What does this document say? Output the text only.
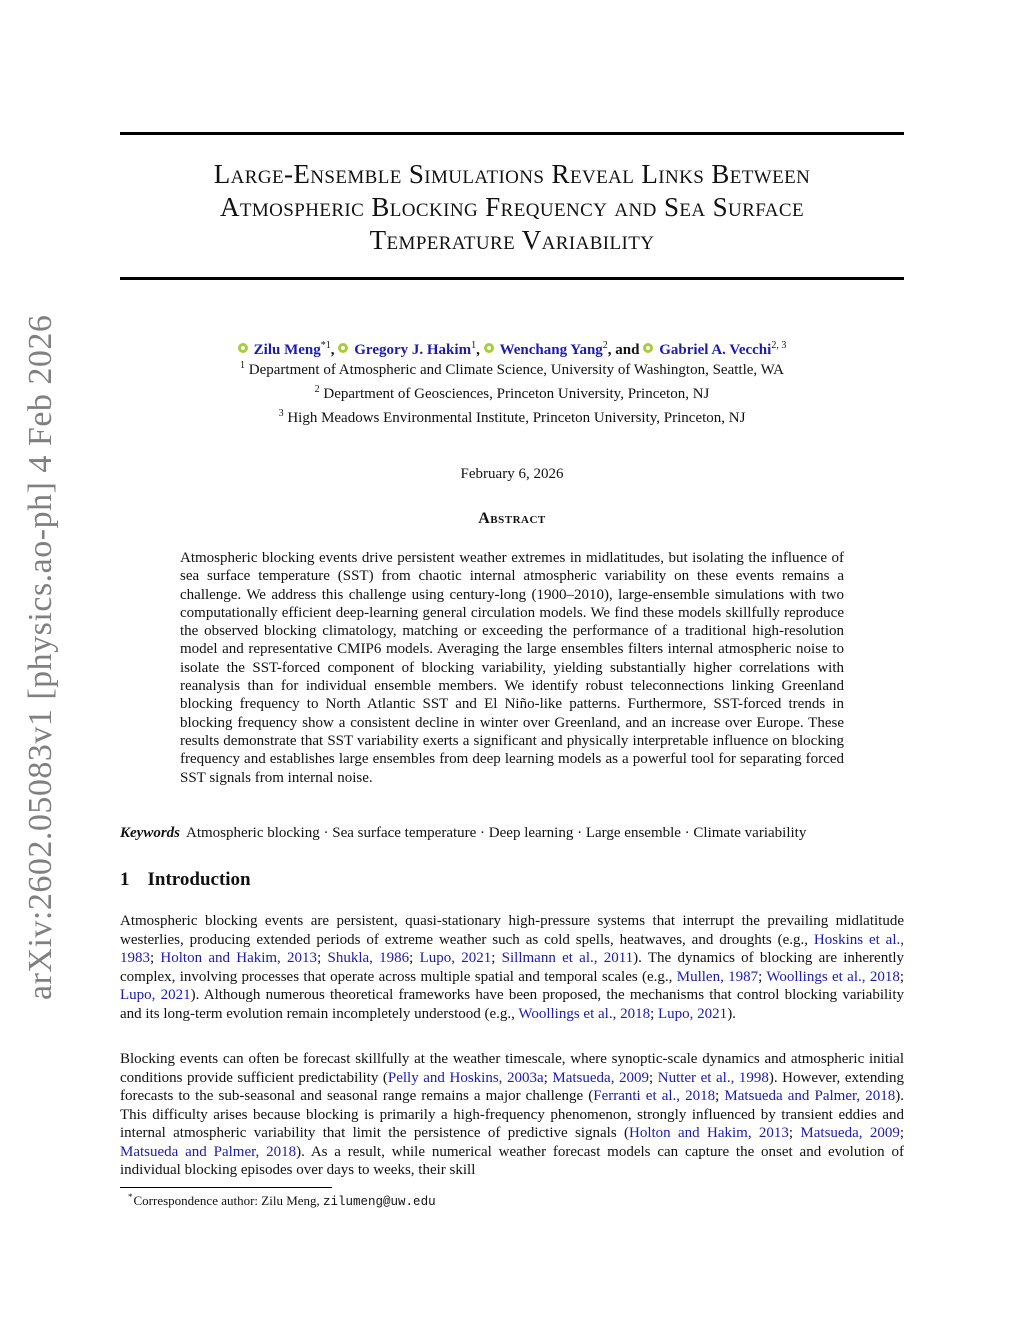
arXiv:2602.05083v1 [physics.ao-ph] 4 Feb 2026
Large-Ensemble Simulations Reveal Links Between
Atmospheric Blocking Frequency and Sea Surface
Temperature Variability
Zilu Meng$^{*1}$, Gregory J. Hakim$^1$, Wenchang Yang$^2$, and Gabriel A. Vecchi$^{2, 3}$
$^1$ Department of Atmospheric and Climate Science, University of Washington, Seattle, WA
$^2$ Department of Geosciences, Princeton University, Princeton, NJ
$^3$ High Meadows Environmental Institute, Princeton University, Princeton, NJ
February 6, 2026
Abstract
Atmospheric blocking events drive persistent weather extremes in midlatitudes, but isolating the influence of sea surface temperature (SST) from chaotic internal atmospheric variability on these events remains a challenge. We address this challenge using century-long (1900–2010), large-ensemble simulations with two computationally efficient deep-learning general circulation models. We find these models skillfully reproduce the observed blocking climatology, matching or exceeding the performance of a traditional high-resolution model and representative CMIP6 models. Averaging the large ensembles filters internal atmospheric noise to isolate the SST-forced component of blocking variability, yielding substantially higher correlations with reanalysis than for individual ensemble members. We identify robust teleconnections linking Greenland blocking frequency to North Atlantic SST and El Niño-like patterns. Furthermore, SST-forced trends in blocking frequency show a consistent decline in winter over Greenland, and an increase over Europe. These results demonstrate that SST variability exerts a significant and physically interpretable influence on blocking frequency and establishes large ensembles from deep learning models as a powerful tool for separating forced SST signals from internal noise.
Keywords Atmospheric blocking · Sea surface temperature · Deep learning · Large ensemble · Climate variability
1 Introduction
Atmospheric blocking events are persistent, quasi-stationary high-pressure systems that interrupt the prevailing midlatitude westerlies, producing extended periods of extreme weather such as cold spells, heatwaves, and droughts (e.g., Hoskins et al., 1983; Holton and Hakim, 2013; Shukla, 1986; Lupo, 2021; Sillmann et al., 2011). The dynamics of blocking are inherently complex, involving processes that operate across multiple spatial and temporal scales (e.g., Mullen, 1987; Woollings et al., 2018; Lupo, 2021). Although numerous theoretical frameworks have been proposed, the mechanisms that control blocking variability and its long-term evolution remain incompletely understood (e.g., Woollings et al., 2018; Lupo, 2021).
Blocking events can often be forecast skillfully at the weather timescale, where synoptic-scale dynamics and atmospheric initial conditions provide sufficient predictability (Pelly and Hoskins, 2003a; Matsueda, 2009; Nutter et al., 1998). However, extending forecasts to the sub-seasonal and seasonal range remains a major challenge (Ferranti et al., 2018; Matsueda and Palmer, 2018). This difficulty arises because blocking is primarily a high-frequency phenomenon, strongly influenced by transient eddies and internal atmospheric variability that limit the persistence of predictive signals (Holton and Hakim, 2013; Matsueda, 2009; Matsueda and Palmer, 2018). As a result, while numerical weather forecast models can capture the onset and evolution of individual blocking episodes over days to weeks, their skill
*Correspondence author: Zilu Meng, zilumeng@uw.edu
